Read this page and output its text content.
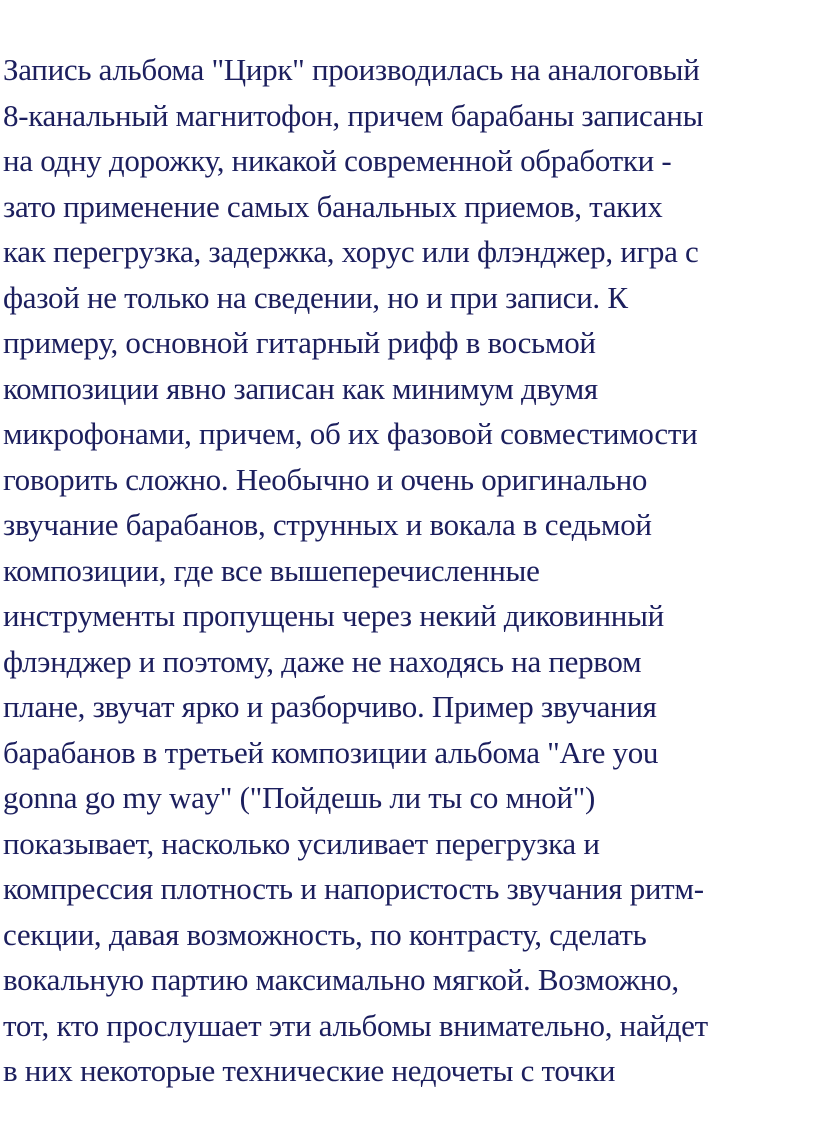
Запись альбома "Цирк" производилась на аналоговый
8-канальный магнитофон, причем барабаны записаны
на одну дорожку, никакой современной обработки -
зато применение самых банальных приемов, таких
как перегрузка, задержка, хорус или флэнджер, игра с
фазой не только на сведении, но и при записи. К
примеру, основной гитарный рифф в восьмой
композиции явно записан как минимум двумя
микрофонами, причем, об их фазовой совместимости
говорить сложно. Необычно и очень оригинально
звучание барабанов, струнных и вокала в седьмой
композиции, где все вышеперечисленные
инструменты пропущены через некий диковинный
флэнджер и поэтому, даже не находясь на первом
плане, звучат ярко и разборчиво. Пример звучания
барабанов в третьей композиции альбома "Are you
gonna go my way" ("Пойдешь ли ты со мной")
показывает, насколько усиливает перегрузка и
компрессия плотность и напористость звучания ритм-
секции, давая возможность, по контрасту, сделать
вокальную партию максимально мягкой. Возможно,
тот, кто прослушает эти альбомы внимательно, найдет
в них некоторые технические недочеты с точки
